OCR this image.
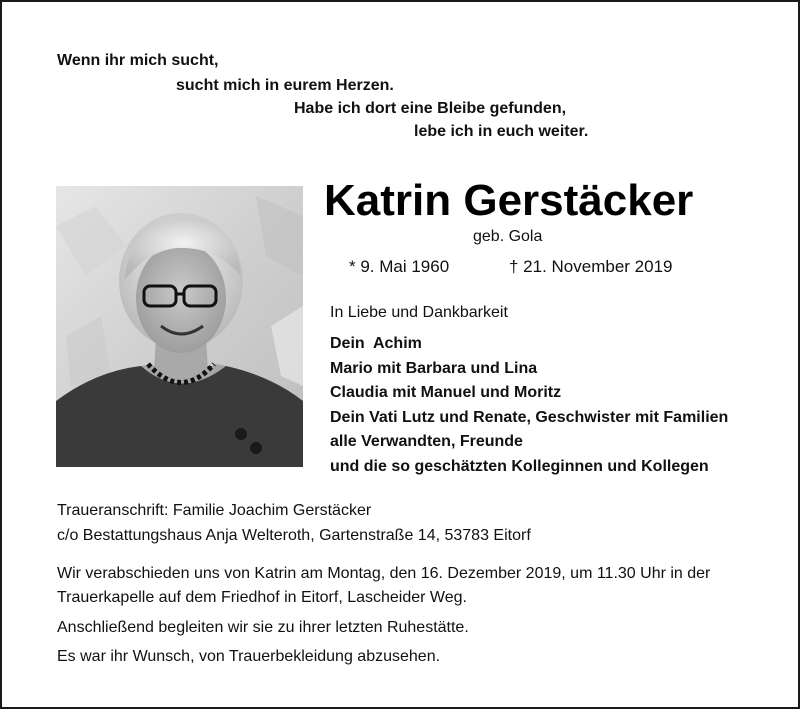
Wenn ihr mich sucht,
sucht mich in eurem Herzen.
Habe ich dort eine Bleibe gefunden,
lebe ich in euch weiter.
Katrin Gerstäcker
geb. Gola
* 9. Mai 1960	† 21. November 2019
In Liebe und Dankbarkeit
Dein  Achim
Mario mit Barbara und Lina
Claudia mit Manuel und Moritz
Dein Vati Lutz und Renate, Geschwister mit Familien
alle Verwandten, Freunde
und die so geschätzten Kolleginnen und Kollegen
Traueranschrift: Familie Joachim Gerstäcker
c/o Bestattungshaus Anja Welteroth, Gartenstraße 14, 53783 Eitorf
Wir verabschieden uns von Katrin am Montag, den 16. Dezember 2019, um 11.30 Uhr in der Trauerkapelle auf dem Friedhof in Eitorf, Lascheider Weg.
Anschließend begleiten wir sie zu ihrer letzten Ruhestätte.
Es war ihr Wunsch, von Trauerbekleidung abzusehen.
